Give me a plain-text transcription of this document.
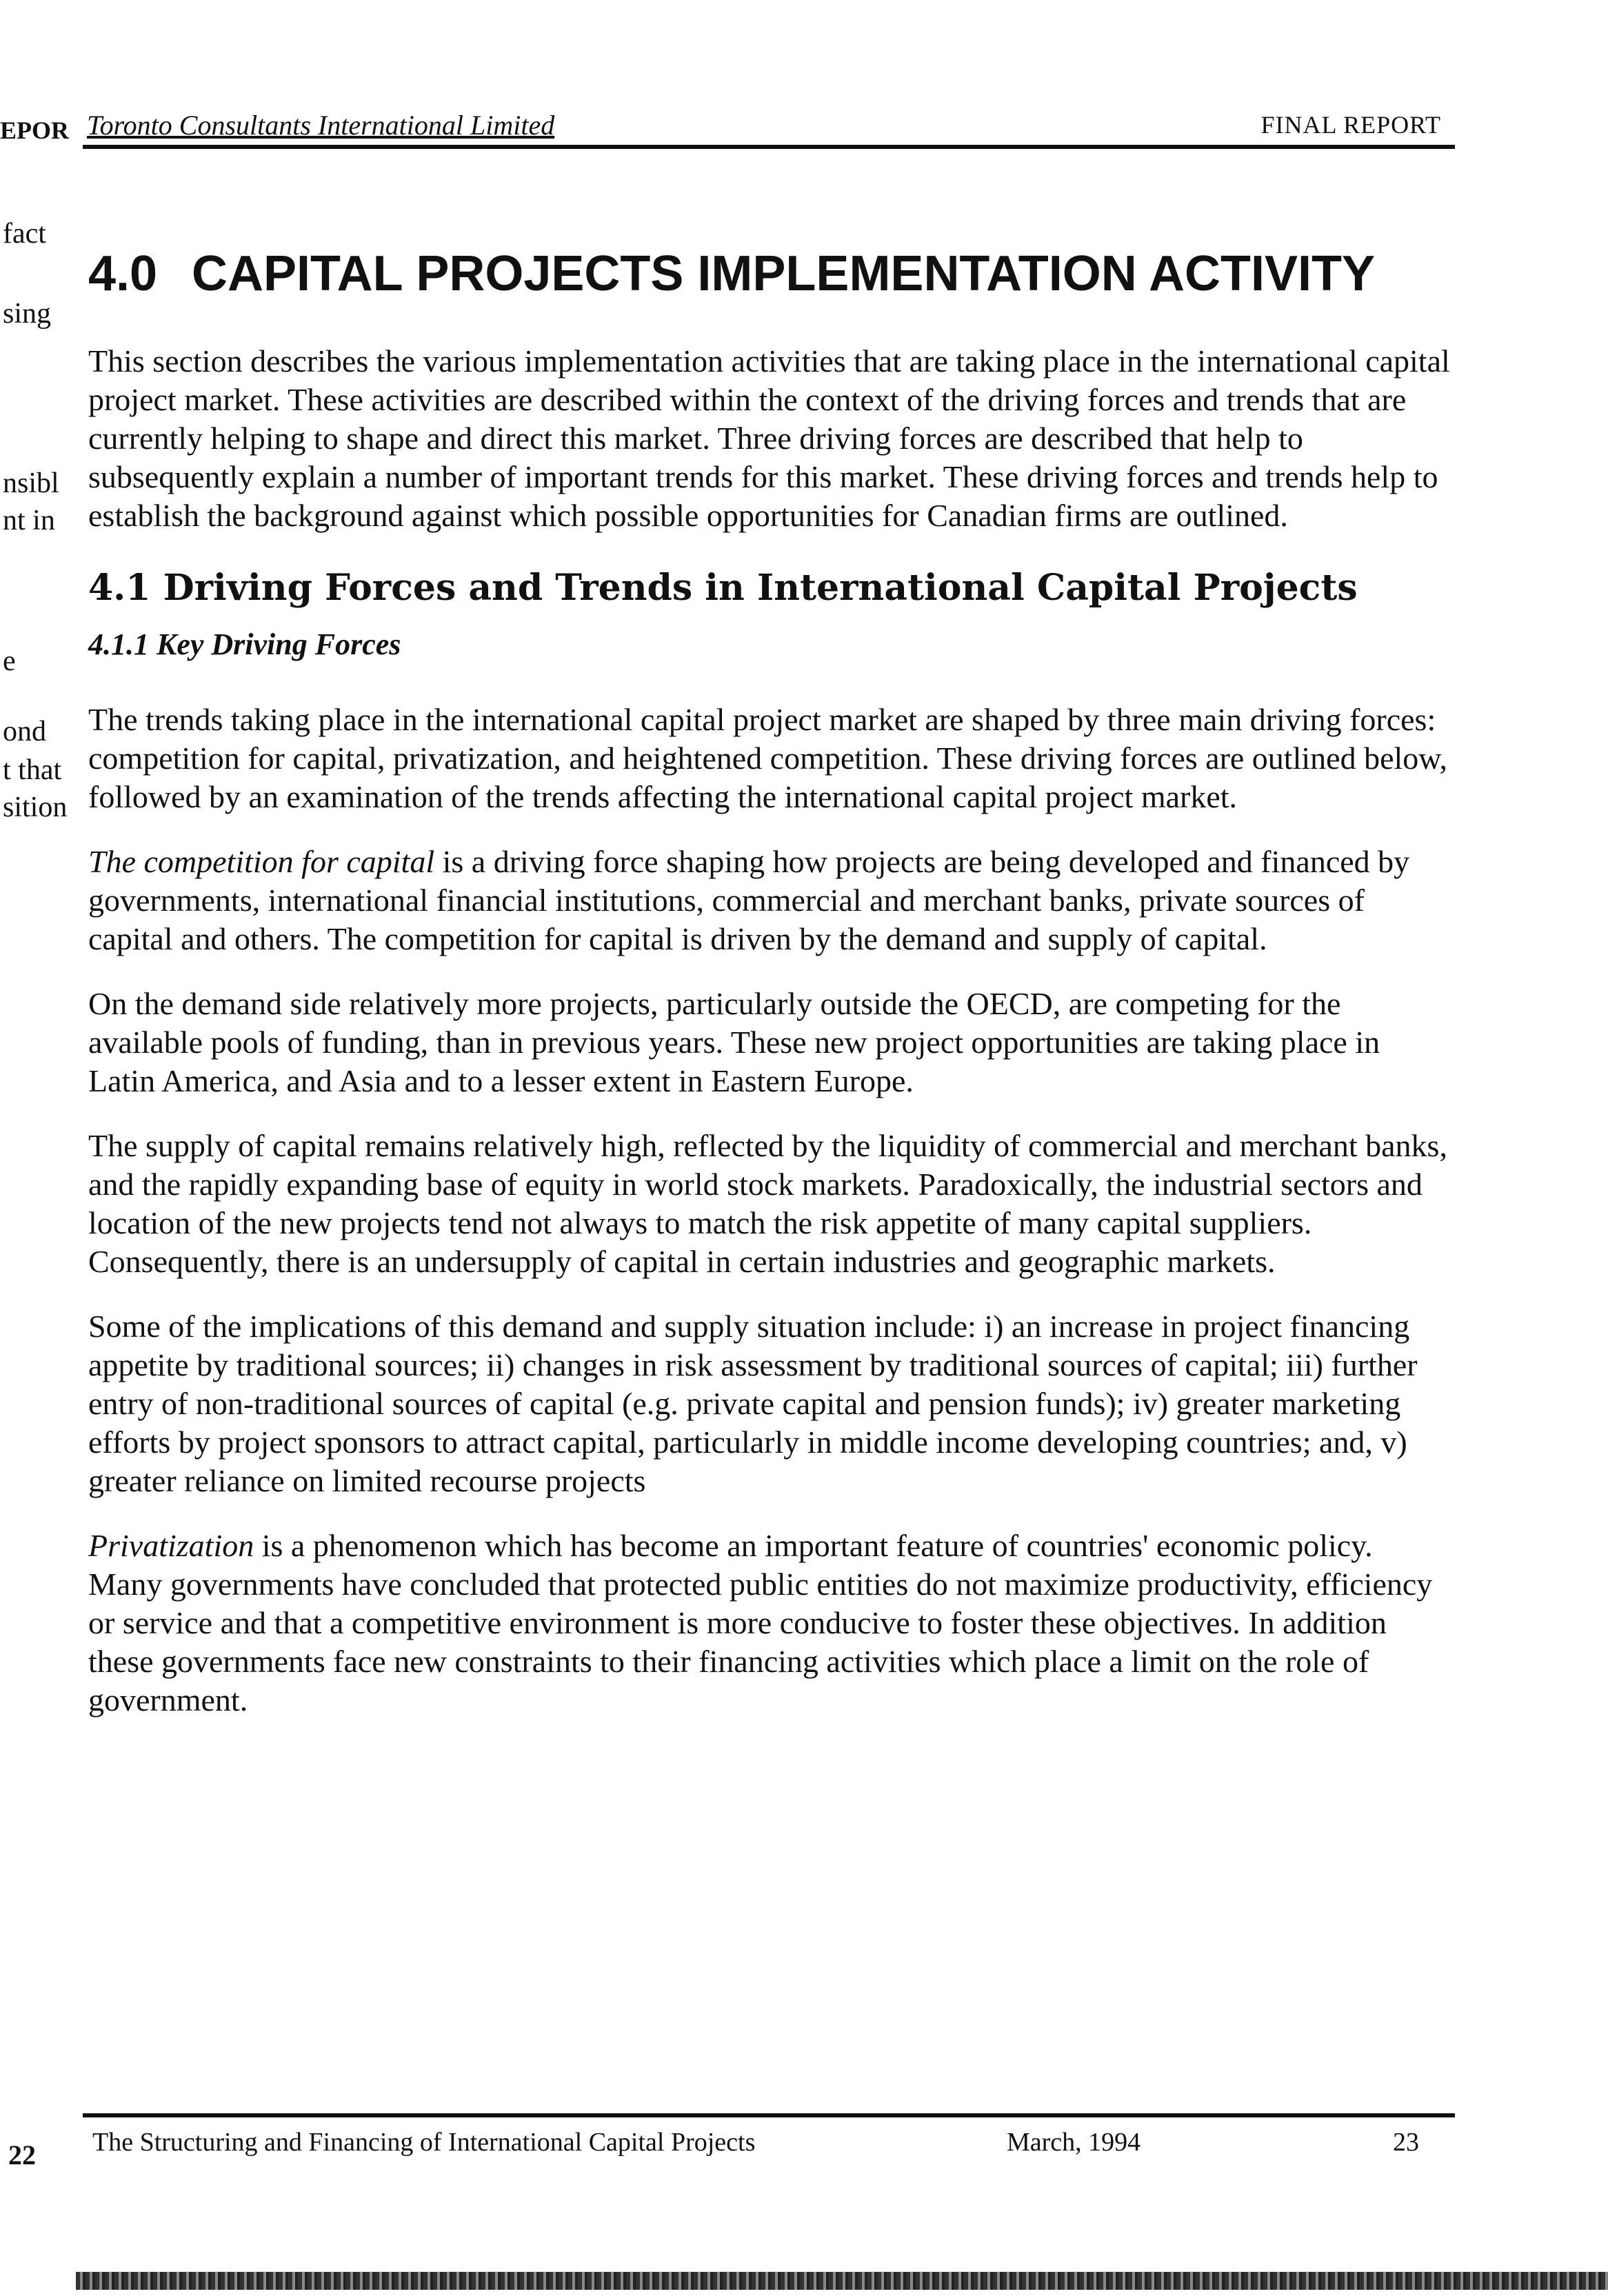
fact
sing
nsibl
nt in
e
ond
t that
sition
EPOR Toronto Consultants International Limited	FINAL REPORT
4.0 CAPITAL PROJECTS IMPLEMENTATION ACTIVITY

This section describes the various implementation activities that are taking place in the international capital project market. These activities are described within the context of the driving forces and trends that are currently helping to shape and direct this market. Three driving forces are described that help to subsequently explain a number of important trends for this market. These driving forces and trends help to establish the background against which possible opportunities for Canadian firms are outlined.

4.1 Driving Forces and Trends in International Capital Projects
4.1.1 Key Driving Forces

The trends taking place in the international capital project market are shaped by three main driving forces: competition for capital, privatization, and heightened competition. These driving forces are outlined below, followed by an examination of the trends affecting the international capital project market.

The competition for capital is a driving force shaping how projects are being developed and financed by governments, international financial institutions, commercial and merchant banks, private sources of capital and others. The competition for capital is driven by the demand and supply of capital.

On the demand side relatively more projects, particularly outside the OECD, are competing for the available pools of funding, than in previous years. These new project opportunities are taking place in Latin America, and Asia and to a lesser extent in Eastern Europe.

The supply of capital remains relatively high, reflected by the liquidity of commercial and merchant banks, and the rapidly expanding base of equity in world stock markets. Paradoxically, the industrial sectors and location of the new projects tend not always to match the risk appetite of many capital suppliers. Consequently, there is an undersupply of capital in certain industries and geographic markets.

Some of the implications of this demand and supply situation include: i) an increase in project financing appetite by traditional sources; ii) changes in risk assessment by traditional sources of capital; iii) further entry of non-traditional sources of capital (e.g. private capital and pension funds); iv) greater marketing efforts by project sponsors to attract capital, particularly in middle income developing countries; and, v) greater reliance on limited recourse projects

Privatization is a phenomenon which has become an important feature of countries' economic policy. Many governments have concluded that protected public entities do not maximize productivity, efficiency or service and that a competitive environment is more conducive to foster these objectives. In addition these governments face new constraints to their financing activities which place a limit on the role of government.

22 The Structuring and Financing of International Capital Projects	March, 1994	23
